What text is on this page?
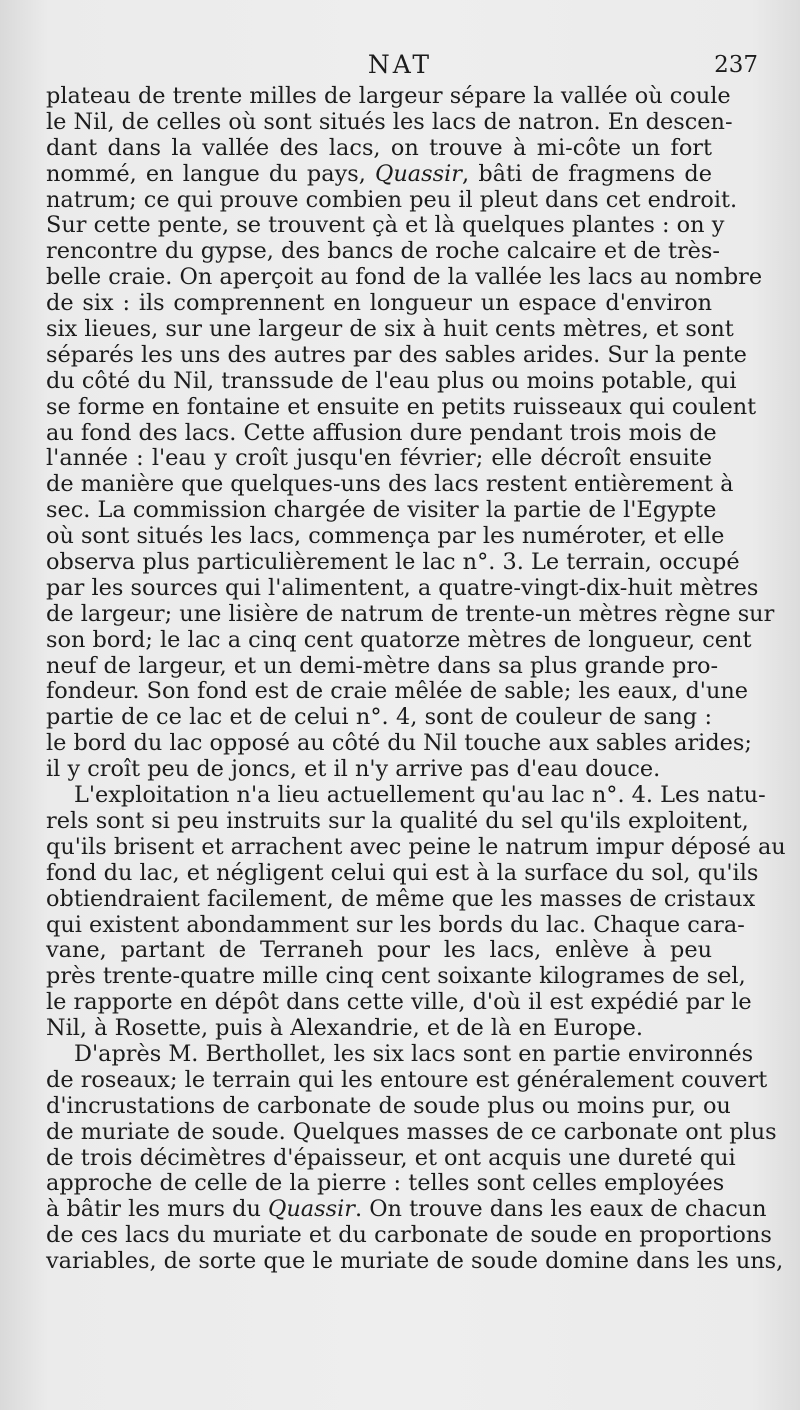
NAT	237
plateau de trente milles de largeur sépare la vallée où coule
le Nil, de celles où sont situés les lacs de natron. En descen-
dant dans la vallée des lacs, on trouve à mi-côte un fort
nommé, en langue du pays, Quassir, bâti de fragmens de
natrum; ce qui prouve combien peu il pleut dans cet endroit.
Sur cette pente, se trouvent çà et là quelques plantes : on y
rencontre du gypse, des bancs de roche calcaire et de très-
belle craie. On aperçoit au fond de la vallée les lacs au nombre
de six : ils comprennent en longueur un espace d'environ
six lieues, sur une largeur de six à huit cents mètres, et sont
séparés les uns des autres par des sables arides. Sur la pente
du côté du Nil, transsude de l'eau plus ou moins potable, qui
se forme en fontaine et ensuite en petits ruisseaux qui coulent
au fond des lacs. Cette affusion dure pendant trois mois de
l'année : l'eau y croît jusqu'en février; elle décroît ensuite
de manière que quelques-uns des lacs restent entièrement à
sec. La commission chargée de visiter la partie de l'Egypte
où sont situés les lacs, commença par les numéroter, et elle
observa plus particulièrement le lac n°. 3. Le terrain, occupé
par les sources qui l'alimentent, a quatre-vingt-dix-huit mètres
de largeur; une lisière de natrum de trente-un mètres règne sur
son bord; le lac a cinq cent quatorze mètres de longueur, cent
neuf de largeur, et un demi-mètre dans sa plus grande pro-
fondeur. Son fond est de craie mêlée de sable; les eaux, d'une
partie de ce lac et de celui n°. 4, sont de couleur de sang :
le bord du lac opposé au côté du Nil touche aux sables arides;
il y croît peu de joncs, et il n'y arrive pas d'eau douce.
L'exploitation n'a lieu actuellement qu'au lac n°. 4. Les natu-
rels sont si peu instruits sur la qualité du sel qu'ils exploitent,
qu'ils brisent et arrachent avec peine le natrum impur déposé au
fond du lac, et négligent celui qui est à la surface du sol, qu'ils
obtiendraient facilement, de même que les masses de cristaux
qui existent abondamment sur les bords du lac. Chaque cara-
vane, partant de Terraneh pour les lacs, enlève à peu
près trente-quatre mille cinq cent soixante kilogrames de sel,
le rapporte en dépôt dans cette ville, d'où il est expédié par le
Nil, à Rosette, puis à Alexandrie, et de là en Europe.
D'après M. Berthollet, les six lacs sont en partie environnés
de roseaux; le terrain qui les entoure est généralement couvert
d'incrustations de carbonate de soude plus ou moins pur, ou
de muriate de soude. Quelques masses de ce carbonate ont plus
de trois décimètres d'épaisseur, et ont acquis une dureté qui
approche de celle de la pierre : telles sont celles employées
à bâtir les murs du Quassir. On trouve dans les eaux de chacun
de ces lacs du muriate et du carbonate de soude en proportions
variables, de sorte que le muriate de soude domine dans les uns,
